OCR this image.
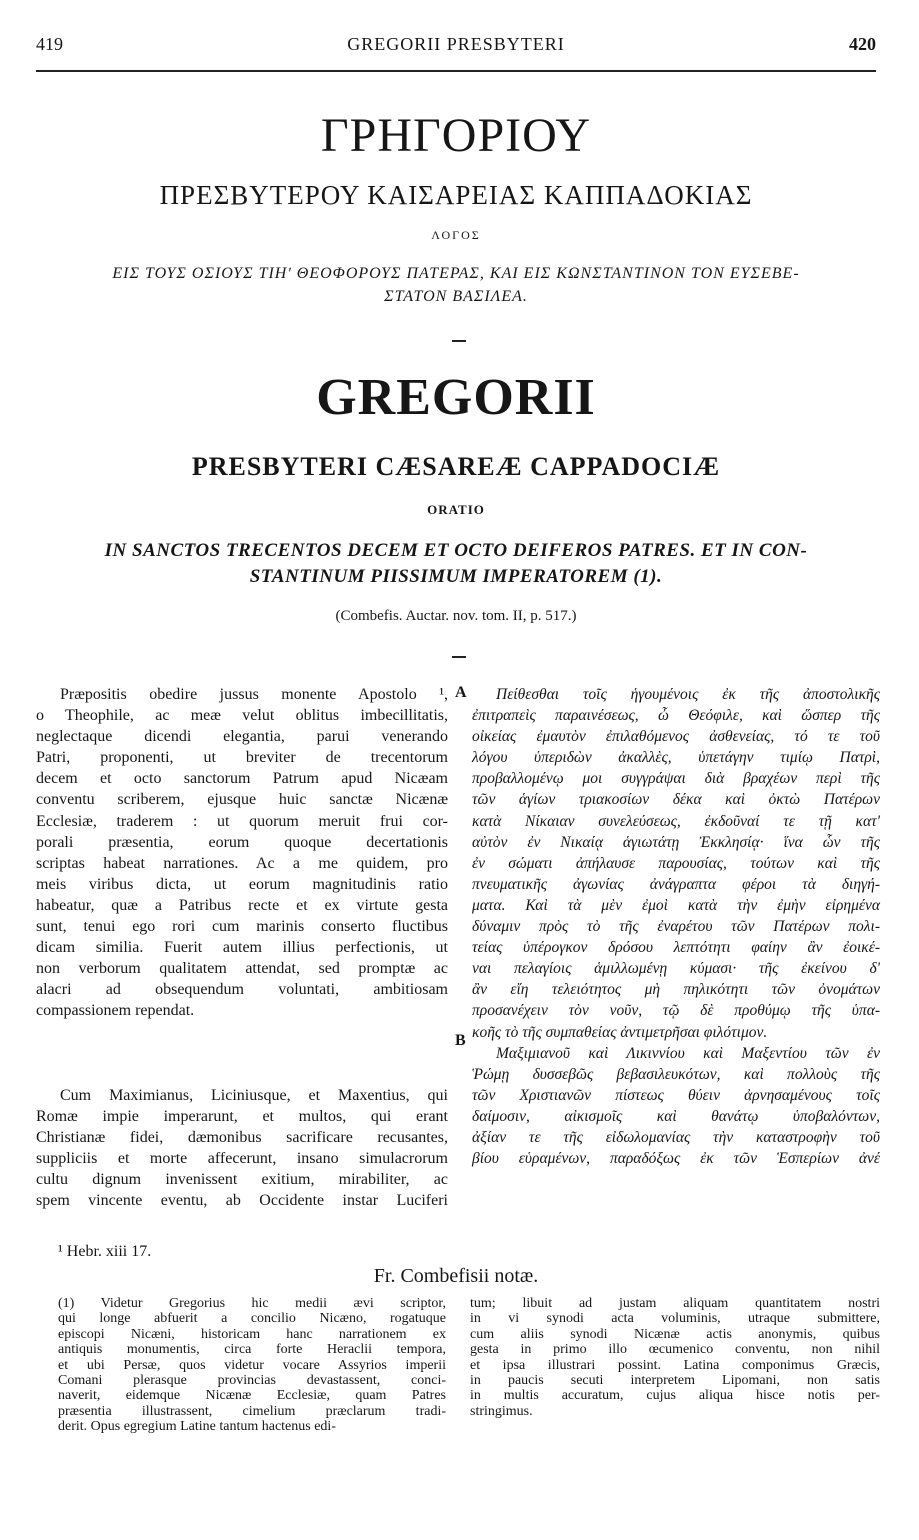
419	GREGORII PRESBYTERI	420
ΓΡΗΓΟΡΙΟΥ
ΠΡΕΣΒΥΤΕΡΟΥ ΚΑΙΣΑΡΕΙΑΣ ΚΑΠΠΑΔΟΚΙΑΣ
ΛΟΓΟΣ
ΕΙΣ ΤΟΥΣ ΟΣΙΟΥΣ ΤΙΗʹ ΘΕΟΦΟΡΟΥΣ ΠΑΤΕΡΑΣ, ΚΑΙ ΕΙΣ ΚΩΝΣΤΑΝΤΙΝΟΝ ΤΟΝ ΕΥΣΕΒΕ-
ΣΤΑΤΟΝ ΒΑΣΙΛΕΑ.
GREGORII
PRESBYTERI CÆSAREÆ CAPPADOCIÆ
ORATIO
IN SANCTOS TRECENTOS DECEM ET OCTO DEIFEROS PATRES. ET IN CON-
STANTINUM PIISSIMUM IMPERATOREM (1).
(Combefis. Auctar. nov. tom. II, p. 517.)
Præpositis obedire jussus monente Apostolo ¹,
o Theophile, ac meæ velut oblitus imbecillitatis,
neglectaque dicendi elegantia, parui venerando
Patri, proponenti, ut breviter de trecentorum
decem et octo sanctorum Patrum apud Nicæam
conventu scriberem, ejusque huic sanctæ Nicænæ
Ecclesiæ, traderem : ut quorum meruit frui cor-
porali præsentia, eorum quoque decertationis
scriptas habeat narrationes. Ac a me quidem, pro
meis viribus dicta, ut eorum magnitudinis ratio
habeatur, quæ a Patribus recte et ex virtute gesta
sunt, tenui ego rori cum marinis conserto fluctibus
dicam similia. Fuerit autem illius perfectionis, ut
non verborum qualitatem attendat, sed promptæ ac
alacri ad obsequendum voluntati, ambitiosam
compassionem rependat.
Cum Maximianus, Liciniusque, et Maxentius, qui
Romæ impie imperarunt, et multos, qui erant
Christianæ fidei, dæmonibus sacrificare recusantes,
suppliciis et morte affecerunt, insano simulacrorum
cultu dignum invenissent exitium, mirabiliter, ac
spem vincente eventu, ab Occidente instar Luciferi
A
B
Πείθεσθαι τοῖς ἡγουμένοις ἐκ τῆς ἀποστολικῆς
ἐπιτραπεὶς παραινέσεως, ὦ Θεόφιλε, καὶ ὥσπερ τῆς
οἰκείας ἐμαυτὸν ἐπιλαθόμενος ἀσθενείας, τό τε τοῦ
λόγου ὑπεριδὼν ἀκαλλὲς, ὑπετάγην τιμίῳ Πατρὶ,
προβαλλομένῳ μοι συγγράψαι διὰ βραχέων περὶ τῆς
τῶν ἁγίων τριακοσίων δέκα καὶ ὀκτὼ Πατέρων
κατὰ Νίκαιαν συνελεύσεως, ἐκδοῦναί τε τῇ κατ'
αὐτὸν ἐν Νικαίᾳ ἁγιωτάτῃ Ἐκκλησίᾳ· ἵνα ὧν τῆς
ἐν σώματι ἀπήλαυσε παρουσίας, τούτων καὶ τῆς
πνευματικῆς ἀγωνίας ἀνάγραπτα φέροι τὰ διηγή-
ματα. Καὶ τὰ μὲν ἐμοὶ κατὰ τὴν ἐμὴν εἰρημένα
δύναμιν πρὸς τὸ τῆς ἐναρέτου τῶν Πατέρων πολι-
τείας ὑπέρογκον δρόσου λεπτότητι φαίην ἂν ἐοικέ-
ναι πελαγίοις ἁμιλλωμένῃ κύμασι· τῆς ἐκείνου δ'
ἂν εἴη τελειότητος μὴ πηλικότητι τῶν ὀνομάτων
προσανέχειν τὸν νοῦν, τῷ δὲ προθύμῳ τῆς ὑπα-
κοῆς τὸ τῆς συμπαθείας ἀντιμετρῆσαι φιλότιμον.
Μαξιμιανοῦ καὶ Λικιννίου καὶ Μαξεντίου τῶν ἐν
Ῥώμῃ δυσσεβῶς βεβασιλευκότων, καὶ πολλοὺς τῆς
τῶν Χριστιανῶν πίστεως θύειν ἀρνησαμένους τοῖς
δαίμοσιν, αἰκισμοῖς καὶ θανάτῳ ὑποβαλόντων,
ἀξίαν τε τῆς εἰδωλομανίας τὴν καταστροφὴν τοῦ
βίου εὑραμένων, παραδόξως ἐκ τῶν Ἑσπερίων ἀνέ
¹ Hebr. xiii 17.
Fr. Combefisii notæ.
(1) Videtur Gregorius hic medii ævi scriptor,
qui longe abfuerit a concilio Nicæno, rogatuque
episcopi Nicæni, historicam hanc narrationem ex
antiquis monumentis, circa forte Heraclii tempora,
et ubi Persæ, quos videtur vocare Assyrios imperii
Comani plerasque provincias devastassent, conci-
naverit, eidemque Nicænæ Ecclesiæ, quam Patres
præsentia illustrassent, cimelium præclarum tradi-
derit. Opus egregium Latine tantum hactenus edi-
tum; libuit ad justam aliquam quantitatem nostri
in vi synodi acta voluminis, utraque submittere,
cum aliis synodi Nicænæ actis anonymis, quibus
gesta in primo illo œcumenico conventu, non nihil
et ipsa illustrari possint. Latina componimus Græcis,
in paucis secuti interpretem Lipomani, non satis
in multis accuratum, cujus aliqua hisce notis per-
stringimus.
